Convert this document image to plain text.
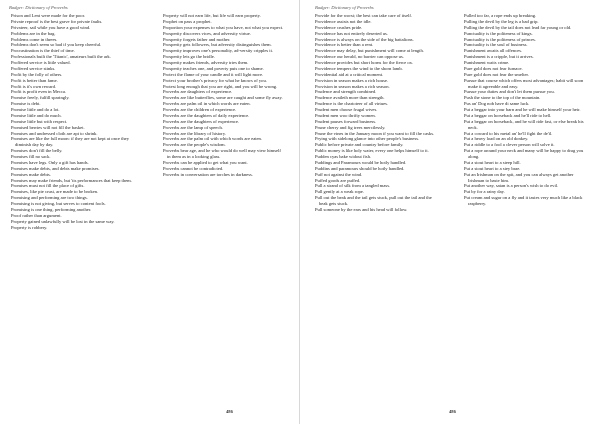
Badger: Dictionary of Proverbs
Prison and Lent were made for the poor.
Private reproof is the best grave for private faults.
Privateer, sail while you have a good wind.
Problems are in the bag.
Problems come in threes.
Problems don't seem so bad if you keep cheerful.
Procrastination is the thief of time.
Professionals built the 'Titanic', amateurs built the ark.
Proffered service is little valued.
Proffered service stinks.
Profit by the folly of others.
Profit is better than fame.
Profit is it's own reward.
Profit is profit even in Mecca.
Promise freely, fulfill sparingly.
Promise is debt.
Promise little and do a lot.
Promise little and do much.
Promise little but with respect.
Promised berries will not fill the basket.
Promises and undressed cloth are apt to shrink.
Promises are like the full moon: if they are not kept at once they diminish day by day.
Promises don't fill the belly.
Promises fill no sack.
Promises have legs. Only a gift has hands.
Promises make debts, and debts make promises.
Promises make debts.
Promises may make friends, but 'tis performances that keep them.
Promises must not fill the place of gifts.
Promises, like pie crust, are made to be broken.
Promising and performing are two things.
Promising is not giving, but serves to content fools.
Promising is one thing, performing another.
Proof rather than argument.
Property gained unlawfully will be lost in the same way.
Property is robbery.
Property will not earn life, but life will earn property.
Prophet on pass a prophet.
Proportion your expenses to what you have, not what you expect.
Prosperity discovers vices, and adversity virtue.
Prosperity forgets father and mother.
Prosperity gets followers, but adversity distinguishes them.
Prosperity improves one's personality, ad-versity cripples it.
Prosperity lets go the bridle.
Prosperity makes friends, adversity tries them.
Prosperity teaches one, and poverty puts one to shame.
Protect the flame of your candle and it will light more.
Protect your brother's privacy for what he knows of you.
Protest long enough that you are right, and you will be wrong.
Proverbs are daughters of experience.
Proverbs are like butterflies, some are caught and some fly away.
Proverbs are palm oil in which words are eaten.
Proverbs are the children of experience.
Proverbs are the daughters of daily experience.
Proverbs are the daughters of experience.
Proverbs are the lamp of speech.
Proverbs are the library of history.
Proverbs are the palm oil with which words are eaten.
Proverbs are the people's wisdom.
Proverbs bear age, and he who would do well may view himself in them as in a looking glass.
Proverbs can be applied to get what you want.
Proverbs cannot be contradicted.
Proverbs in conversation are torches in darkness.
486
Badger: Dictionary of Proverbs
Provide for the worst; the best can take care of itself.
Providence assists not the idle.
Providence crushes pride.
Providence has not entirely deserted us.
Providence is always on the side of the big battalions.
Providence is better than a rent.
Providence may delay, but punishment will come at length.
Providence our herald, no barrier can oppose us.
Providence provides but short horns for the fierce ox.
Providence tempers the wind to the shorn lamb.
Providential aid at a critical moment.
Provision in season makes a rich house.
Provision in season makes a rich season.
Prudence and strength combined.
Prudence availeth more than strength.
Prudence is the charioteer of all virtues.
Prudent men choose frugal wives.
Prudent men woo thrifty women.
Prudent pauses forward business.
Prune cherry and fig trees mercilessly.
Prune the vines in the January moon if you want to fill the casks.
Prying with sidelong glance into other people's business.
Public before private and country before family.
Public money is like holy water, every one helps himself to it.
Pudden cyas bake widout fish.
Puddings and Paramours would be hotly handled.
Puddins and paramours should be hotly handled.
Puff not against the wind.
Puffed goods are puffed.
Pull a strand of silk from a tangled mass.
Pull gently at a weak rope.
Pull out the beak and the tail gets stuck, pull out the tail and the beak gets stuck.
Pull someone by the ears and his head will follow.
Pulled too far, a rope ends up breaking.
Pulling the devil by the leg is a bad grip.
Pulling the devil by the tail does not lead far young or old.
Punctuality is the politeness of kings.
Punctuality is the politeness of princes.
Punctuality is the soul of business.
Punishment awaits all offences.
Punishment is a cripple, but it arrives.
Punishment waits crime.
Pure gold does not fear furnace.
Pure gold does not fear the smelter.
Pursue that course which offers most advantages; habit will soon make it agreeable and easy.
Pursue your duties and don't let them pursue you.
Push the stone to the top of the mountain.
Pus an' Dog nob have di same luck.
Put a beggar into your barn and he will make himself your heir.
Put a beggar on horseback and he'll ride to hell.
Put a beggar on horseback, and he will ride fast, or else break his neck.
Put a coward to his metal an' he'll fight the de'il.
Put a heavy load on an old donkey.
Put a riddle to a fool a clever person will solve it.
Put a rope around your neck and many will be happy to drag you along.
Put a stout heart to a steep hill.
Put a stout heart to a stey brae.
Put an Irishman on the spit, and you can always get another Irishman to baste him.
Put another way, satan is a person's wish to do evil.
Put by for a rainy day.
Put cream and sugar on a fly and it tastes very much like a black raspberry.
486
